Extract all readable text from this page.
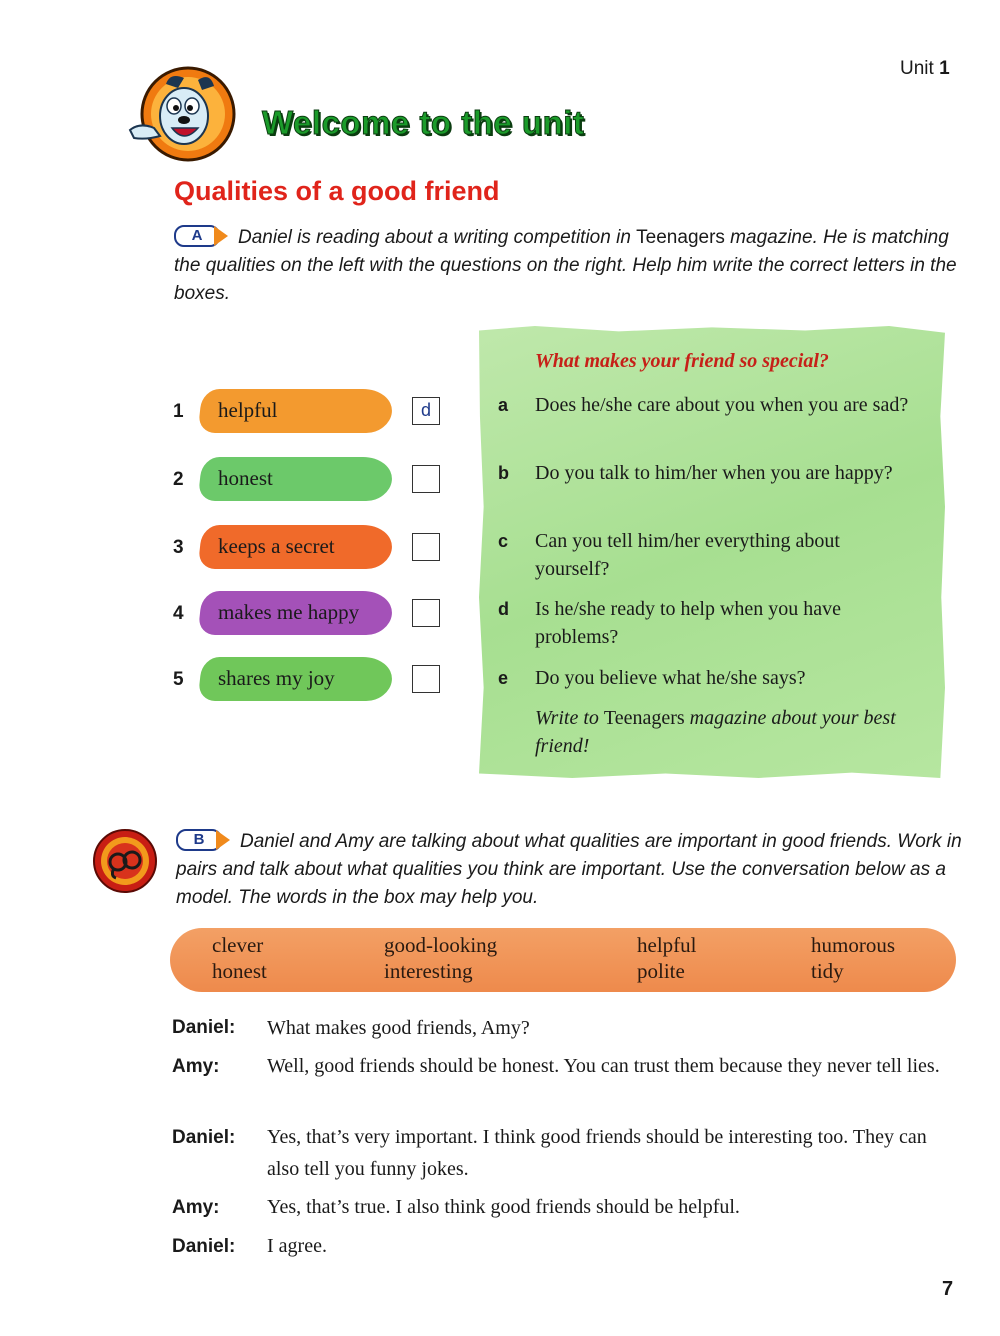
Unit 1
Welcome to the unit
Qualities of a good friend
A	Daniel is reading about a writing competition in Teenagers magazine. He is matching the qualities on the left with the questions on the right. Help him write the correct letters in the boxes.
1 helpful	d
2 honest
3 keeps a secret
4 makes me happy
5 shares my joy
What makes your friend so special?
a Does he/she care about you when you are sad?
b Do you talk to him/her when you are happy?
c Can you tell him/her everything about yourself?
d Is he/she ready to help when you have problems?
e Do you believe what he/she says?
Write to Teenagers magazine about your best friend!
B	Daniel and Amy are talking about what qualities are important in good friends. Work in pairs and talk about what qualities you think are important. Use the conversation below as a model. The words in the box may help you.
clever	good-looking	helpful	humorous
honest	interesting	polite	tidy
Daniel: What makes good friends, Amy?
Amy: Well, good friends should be honest. You can trust them because they never tell lies.
Daniel: Yes, that’s very important. I think good friends should be interesting too. They can also tell you funny jokes.
Amy: Yes, that’s true. I also think good friends should be helpful.
Daniel: I agree.
7
